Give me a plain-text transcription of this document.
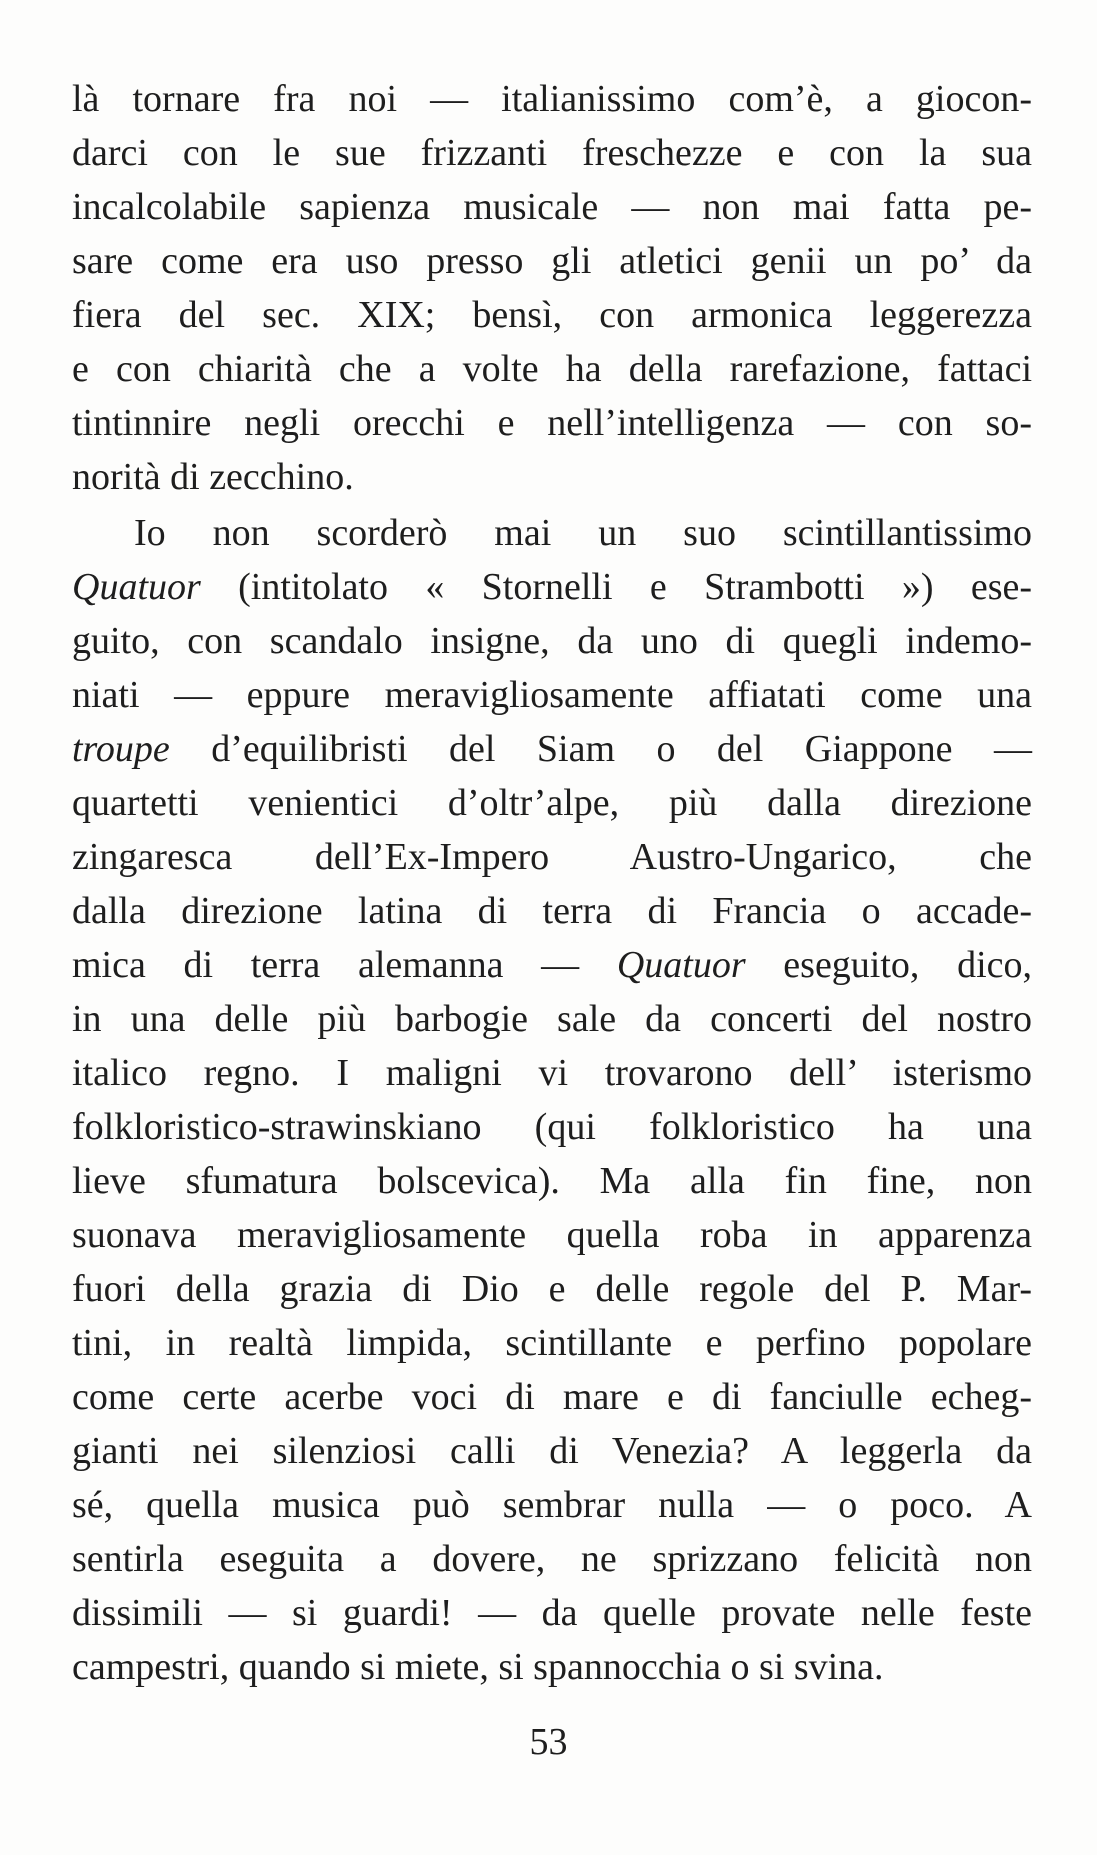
là tornare fra noi — italianissimo com’è, a giocon-
darci con le sue frizzanti freschezze e con la sua
incalcolabile sapienza musicale — non mai fatta pe-
sare come era uso presso gli atletici genii un po’ da
fiera del sec. XIX; bensì, con armonica leggerezza
e con chiarità che a volte ha della rarefazione, fattaci
tintinnire negli orecchi e nell’intelligenza — con so-
norità di zecchino.
Io non scorderò mai un suo scintillantissimo
Quatuor (intitolato « Stornelli e Strambotti ») ese-
guito, con scandalo insigne, da uno di quegli indemo-
niati — eppure meravigliosamente affiatati come una
troupe d’equilibristi del Siam o del Giappone —
quartetti venientici d’oltr’alpe, più dalla direzione
zingaresca dell’Ex-Impero Austro-Ungarico, che
dalla direzione latina di terra di Francia o accade-
mica di terra alemanna — Quatuor eseguito, dico,
in una delle più barbogie sale da concerti del nostro
italico regno. I maligni vi trovarono dell’ isterismo
folkloristico-strawinskiano (qui folkloristico ha una
lieve sfumatura bolscevica). Ma alla fin fine, non
suonava meravigliosamente quella roba in apparenza
fuori della grazia di Dio e delle regole del P. Mar-
tini, in realtà limpida, scintillante e perfino popolare
come certe acerbe voci di mare e di fanciulle echeg-
gianti nei silenziosi calli di Venezia? A leggerla da
sé, quella musica può sembrar nulla — o poco. A
sentirla eseguita a dovere, ne sprizzano felicità non
dissimili — si guardi! — da quelle provate nelle feste
campestri, quando si miete, si spannocchia o si svina.
53
